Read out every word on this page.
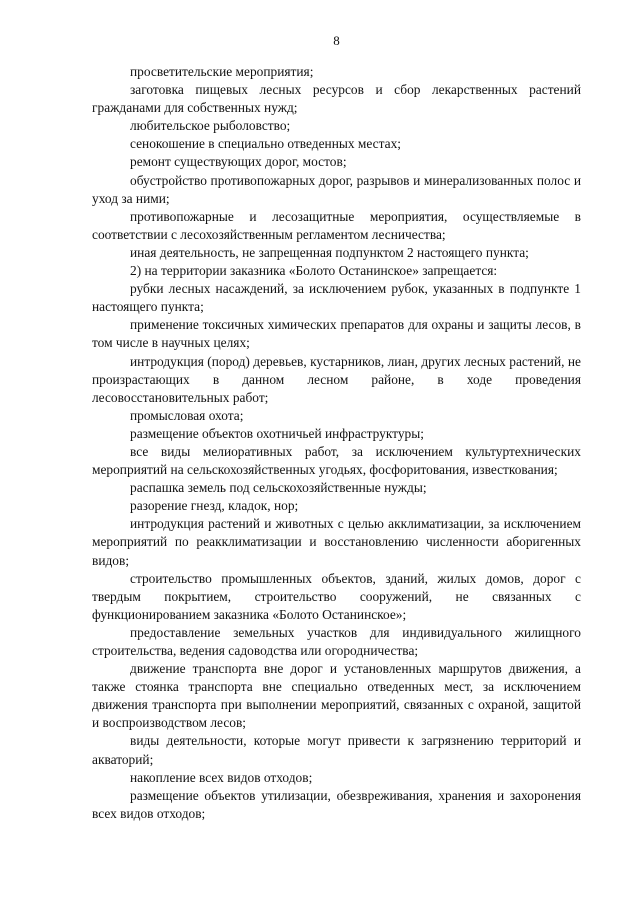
8

просветительские мероприятия;

заготовка пищевых лесных ресурсов и сбор лекарственных растений гражданами для собственных нужд;

любительское рыболовство;

сенокошение в специально отведенных местах;

ремонт существующих дорог, мостов;

обустройство противопожарных дорог, разрывов и минерализованных полос и уход за ними;

противопожарные и лесозащитные мероприятия, осуществляемые в соответствии с лесохозяйственным регламентом лесничества;

иная деятельность, не запрещенная подпунктом 2 настоящего пункта;

2) на территории заказника «Болото Останинское» запрещается:

рубки лесных насаждений, за исключением рубок, указанных в подпункте 1 настоящего пункта;

применение токсичных химических препаратов для охраны и защиты лесов, в том числе в научных целях;

интродукция (пород) деревьев, кустарников, лиан, других лесных растений, не произрастающих в данном лесном районе, в ходе проведения лесовосстановительных работ;

промысловая охота;

размещение объектов охотничьей инфраструктуры;

все виды мелиоративных работ, за исключением культуртехнических мероприятий на сельскохозяйственных угодьях, фосфоритования, известкования;

распашка земель под сельскохозяйственные нужды;

разорение гнезд, кладок, нор;

интродукция растений и животных с целью акклиматизации, за исключением мероприятий по реакклиматизации и восстановлению численности аборигенных видов;

строительство промышленных объектов, зданий, жилых домов, дорог с твердым покрытием, строительство сооружений, не связанных с функционированием заказника «Болото Останинское»;

предоставление земельных участков для индивидуального жилищного строительства, ведения садоводства или огородничества;

движение транспорта вне дорог и установленных маршрутов движения, а также стоянка транспорта вне специально отведенных мест, за исключением движения транспорта при выполнении мероприятий, связанных с охраной, защитой и воспроизводством лесов;

виды деятельности, которые могут привести к загрязнению территорий и акваторий;

накопление всех видов отходов;

размещение объектов утилизации, обезвреживания, хранения и захоронения всех видов отходов;
